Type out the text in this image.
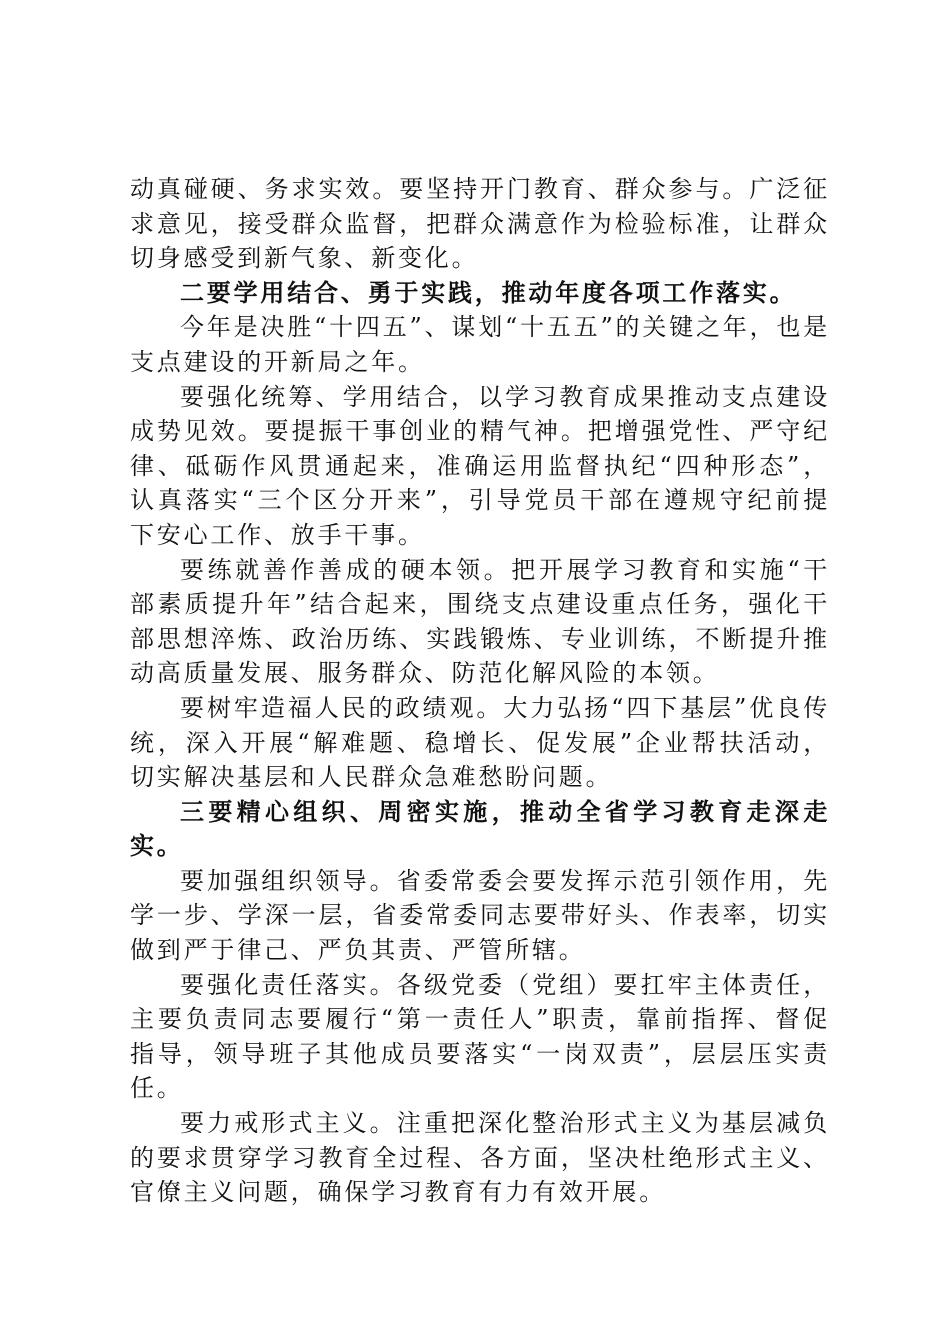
动真碰硬、务求实效。要坚持开门教育、群众参与。广泛征求意见，接受群众监督，把群众满意作为检验标准，让群众切身感受到新气象、新变化。

二要学用结合、勇于实践，推动年度各项工作落实。

今年是决胜“十四五”、谋划“十五五”的关键之年，也是支点建设的开新局之年。

要强化统筹、学用结合，以学习教育成果推动支点建设成势见效。要提振干事创业的精气神。把增强党性、严守纪律、砥砺作风贯通起来，准确运用监督执纪“四种形态”，认真落实“三个区分开来”，引导党员干部在遵规守纪前提下安心工作、放手干事。

要练就善作善成的硬本领。把开展学习教育和实施“干部素质提升年”结合起来，围绕支点建设重点任务，强化干部思想淬炼、政治历练、实践锻炼、专业训练，不断提升推动高质量发展、服务群众、防范化解风险的本领。

要树牢造福人民的政绩观。大力弘扬“四下基层”优良传统，深入开展“解难题、稳增长、促发展”企业帮扶活动，切实解决基层和人民群众急难愁盼问题。

三要精心组织、周密实施，推动全省学习教育走深走实。

要加强组织领导。省委常委会要发挥示范引领作用，先学一步、学深一层，省委常委同志要带好头、作表率，切实做到严于律己、严负其责、严管所辖。

要强化责任落实。各级党委（党组）要扛牢主体责任，主要负责同志要履行“第一责任人”职责，靠前指挥、督促指导，领导班子其他成员要落实“一岗双责”，层层压实责任。

要力戒形式主义。注重把深化整治形式主义为基层减负的要求贯穿学习教育全过程、各方面，坚决杜绝形式主义、官僚主义问题，确保学习教育有力有效开展。
